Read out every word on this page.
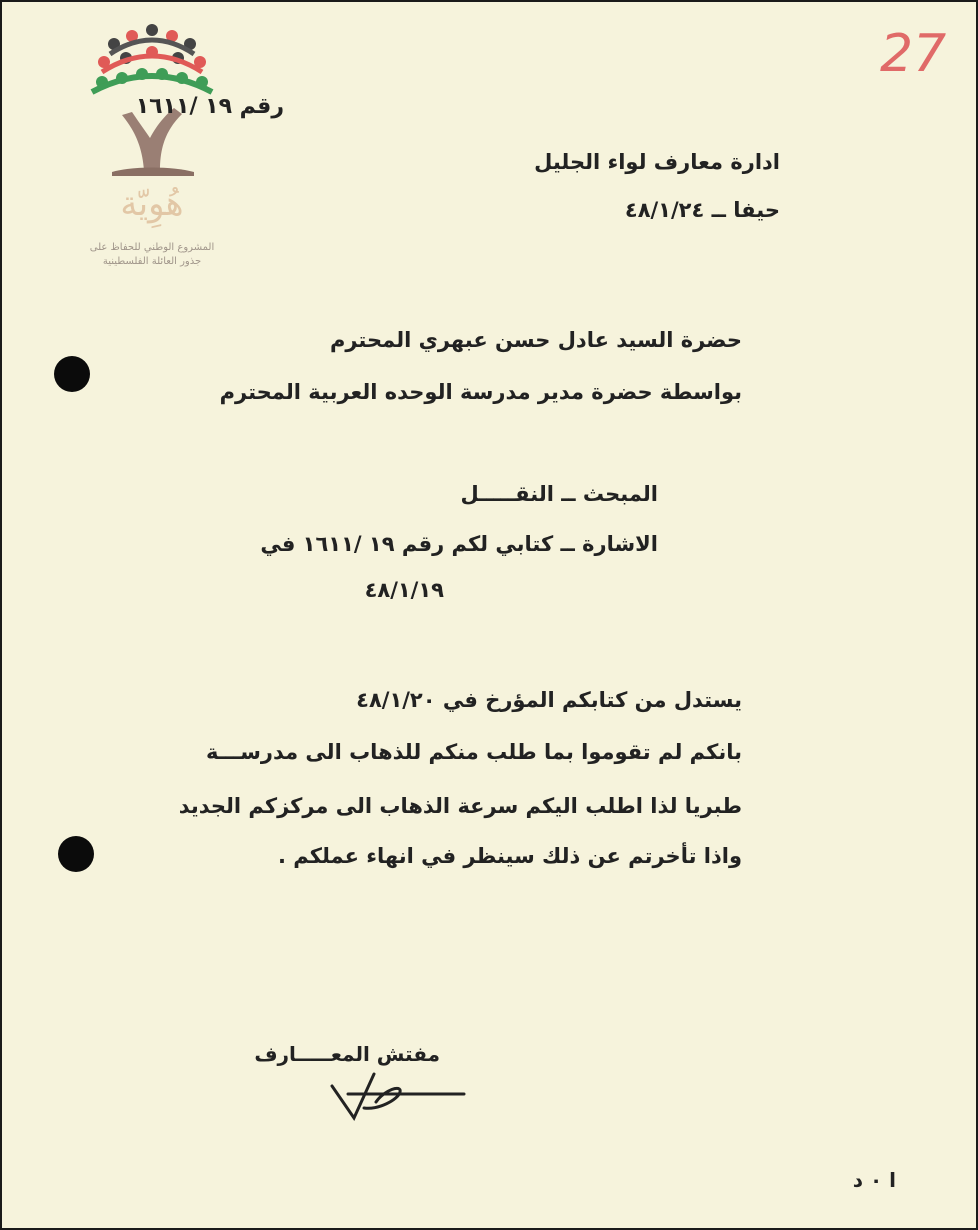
هُوِيّة
المشروع الوطني للحفاظ على
جذور العائلة الفلسطينية
27
رقم ١٩ /١٦١١
ادارة معارف لواء الجليل
حيفا ــ ٤٨/١/٢٤
حضرة السيد عادل حسن عبهري المحترم
بواسطة حضرة مدير مدرسة الوحده العربية المحترم
المبحث ــ النقـــــل
الاشارة ــ كتابي لكم رقم ١٩ /١٦١١ في
٤٨/١/١٩
يستدل من كتابكم المؤرخ في ٤٨/١/٢٠
بانكم لم تقوموا بما طلب منكم للذهاب الى مدرســـة
طبريا لذا اطلب اليكم سرعة الذهاب الى مركزكم الجديد
واذا تأخرتم عن ذلك سينظر في انهاء عملكم .
مفتش المعـــــارف
ا ٠ د
